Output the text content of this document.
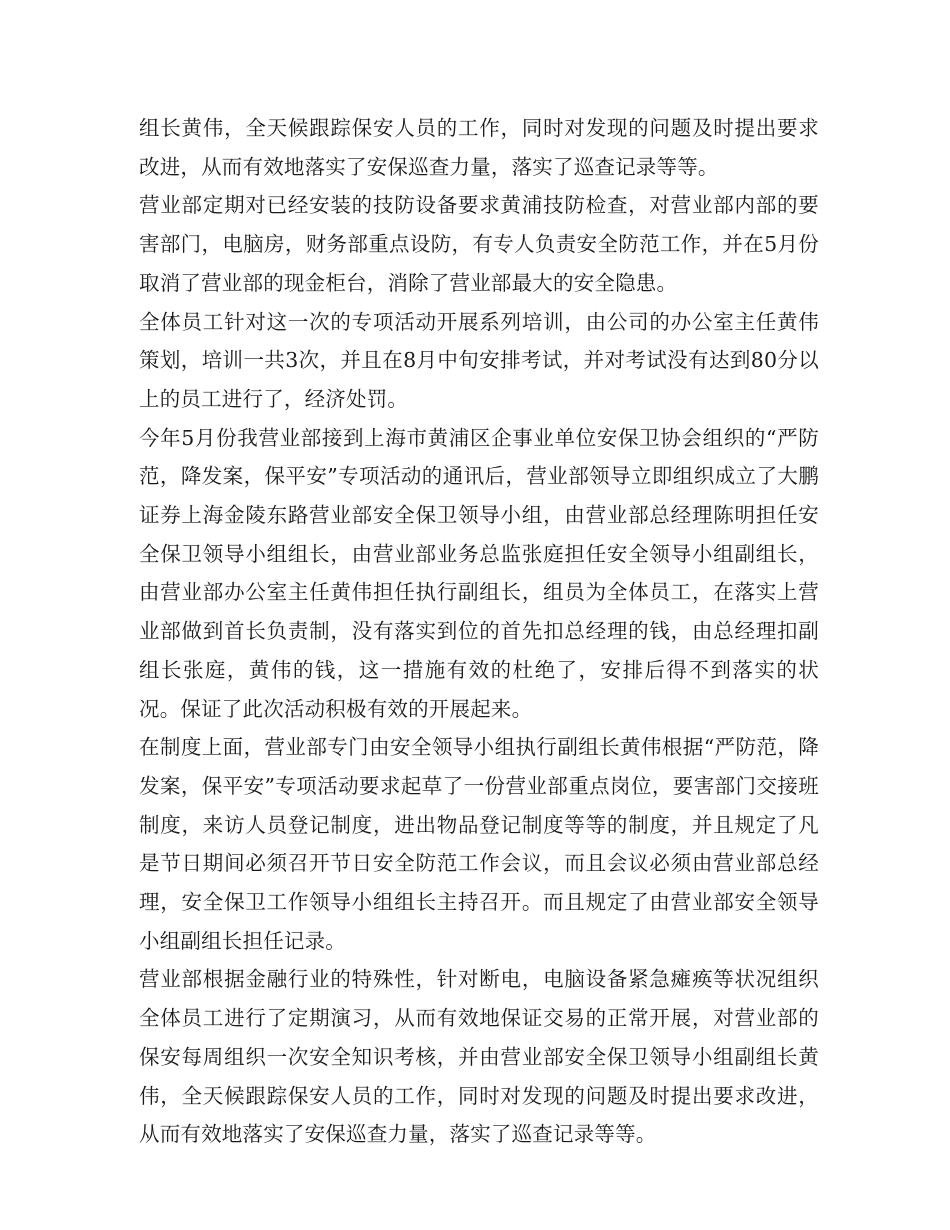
组长黄伟，全天候跟踪保安人员的工作，同时对发现的问题及时提出要求改进，从而有效地落实了安保巡查力量，落实了巡查记录等等。

营业部定期对已经安装的技防设备要求黄浦技防检查，对营业部内部的要害部门，电脑房，财务部重点设防，有专人负责安全防范工作，并在5月份取消了营业部的现金柜台，消除了营业部最大的安全隐患。

全体员工针对这一次的专项活动开展系列培训，由公司的办公室主任黄伟策划，培训一共3次，并且在8月中旬安排考试，并对考试没有达到80分以上的员工进行了，经济处罚。

今年5月份我营业部接到上海市黄浦区企事业单位安保卫协会组织的“严防范，降发案，保平安”专项活动的通讯后，营业部领导立即组织成立了大鹏证券上海金陵东路营业部安全保卫领导小组，由营业部总经理陈明担任安全保卫领导小组组长，由营业部业务总监张庭担任安全领导小组副组长，由营业部办公室主任黄伟担任执行副组长，组员为全体员工，在落实上营业部做到首长负责制，没有落实到位的首先扣总经理的钱，由总经理扣副组长张庭，黄伟的钱，这一措施有效的杜绝了，安排后得不到落实的状况。保证了此次活动积极有效的开展起来。

在制度上面，营业部专门由安全领导小组执行副组长黄伟根据“严防范，降发案，保平安”专项活动要求起草了一份营业部重点岗位，要害部门交接班制度，来访人员登记制度，进出物品登记制度等等的制度，并且规定了凡是节日期间必须召开节日安全防范工作会议，而且会议必须由营业部总经理，安全保卫工作领导小组组长主持召开。而且规定了由营业部安全领导小组副组长担任记录。

营业部根据金融行业的特殊性，针对断电，电脑设备紧急瘫痪等状况组织全体员工进行了定期演习，从而有效地保证交易的正常开展，对营业部的保安每周组织一次安全知识考核，并由营业部安全保卫领导小组副组长黄伟，全天候跟踪保安人员的工作，同时对发现的问题及时提出要求改进，从而有效地落实了安保巡查力量，落实了巡查记录等等。
